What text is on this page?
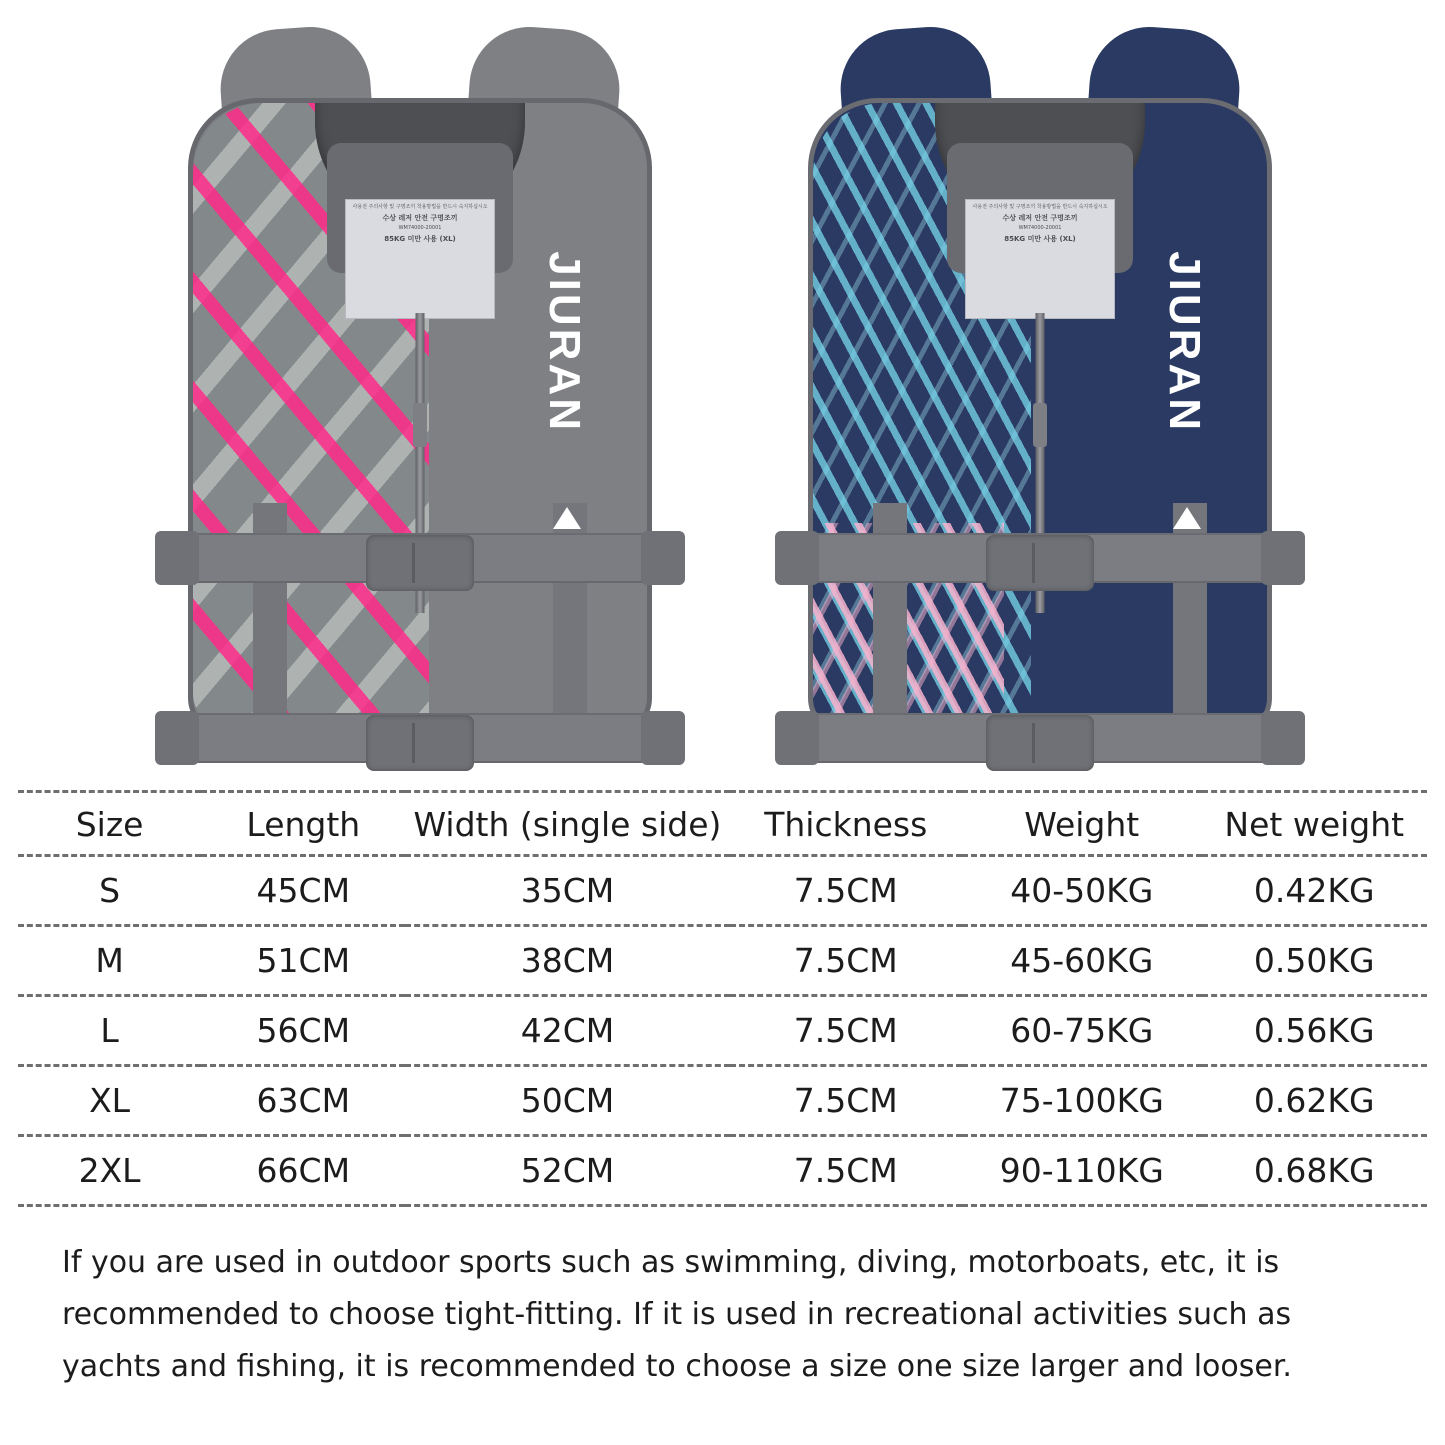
사용전 주의사항 및 구명조끼 착용방법을 반드시 숙지하십시오
수상 레저 안전 구명조끼
WM74000-20001
85KG 미만 사용 (XL)
JIURAN
사용전 주의사항 및 구명조끼 착용방법을 반드시 숙지하십시오
수상 레저 안전 구명조끼
WM74000-20001
85KG 미만 사용 (XL)
JIURAN
Size	Length	Width (single side)	Thickness	Weight	Net weight
S	45CM	35CM	7.5CM	40-50KG	0.42KG
M	51CM	38CM	7.5CM	45-60KG	0.50KG
L	56CM	42CM	7.5CM	60-75KG	0.56KG
XL	63CM	50CM	7.5CM	75-100KG	0.62KG
2XL	66CM	52CM	7.5CM	90-110KG	0.68KG

If you are used in outdoor sports such as swimming, diving, motorboats, etc, it is recommended to choose tight-fitting. If it is used in recreational activities such as yachts and fishing, it is recommended to choose a size one size larger and looser.
